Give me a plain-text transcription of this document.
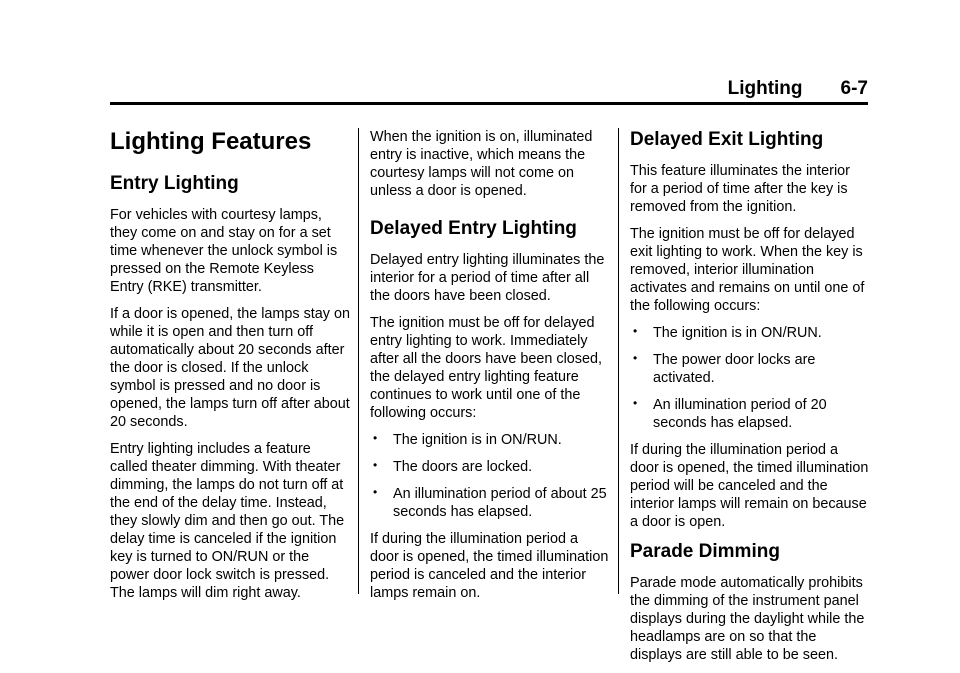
Lighting 6-7
Lighting Features
Entry Lighting

For vehicles with courtesy lamps, they come on and stay on for a set time whenever the unlock symbol is pressed on the Remote Keyless Entry (RKE) transmitter.

If a door is opened, the lamps stay on while it is open and then turn off automatically about 20 seconds after the door is closed. If the unlock symbol is pressed and no door is opened, the lamps turn off after about 20 seconds.

Entry lighting includes a feature called theater dimming. With theater dimming, the lamps do not turn off at the end of the delay time. Instead, they slowly dim and then go out. The delay time is canceled if the ignition key is turned to ON/RUN or the power door lock switch is pressed. The lamps will dim right away.

When the ignition is on, illuminated entry is inactive, which means the courtesy lamps will not come on unless a door is opened.

Delayed Entry Lighting

Delayed entry lighting illuminates the interior for a period of time after all the doors have been closed.

The ignition must be off for delayed entry lighting to work. Immediately after all the doors have been closed, the delayed entry lighting feature continues to work until one of the following occurs:

• The ignition is in ON/RUN.
• The doors are locked.
• An illumination period of about 25 seconds has elapsed.

If during the illumination period a door is opened, the timed illumination period is canceled and the interior lamps remain on.

Delayed Exit Lighting

This feature illuminates the interior for a period of time after the key is removed from the ignition.

The ignition must be off for delayed exit lighting to work. When the key is removed, interior illumination activates and remains on until one of the following occurs:

• The ignition is in ON/RUN.
• The power door locks are activated.
• An illumination period of 20 seconds has elapsed.

If during the illumination period a door is opened, the timed illumination period will be canceled and the interior lamps will remain on because a door is open.

Parade Dimming

Parade mode automatically prohibits the dimming of the instrument panel displays during the daylight while the headlamps are on so that the displays are still able to be seen.
